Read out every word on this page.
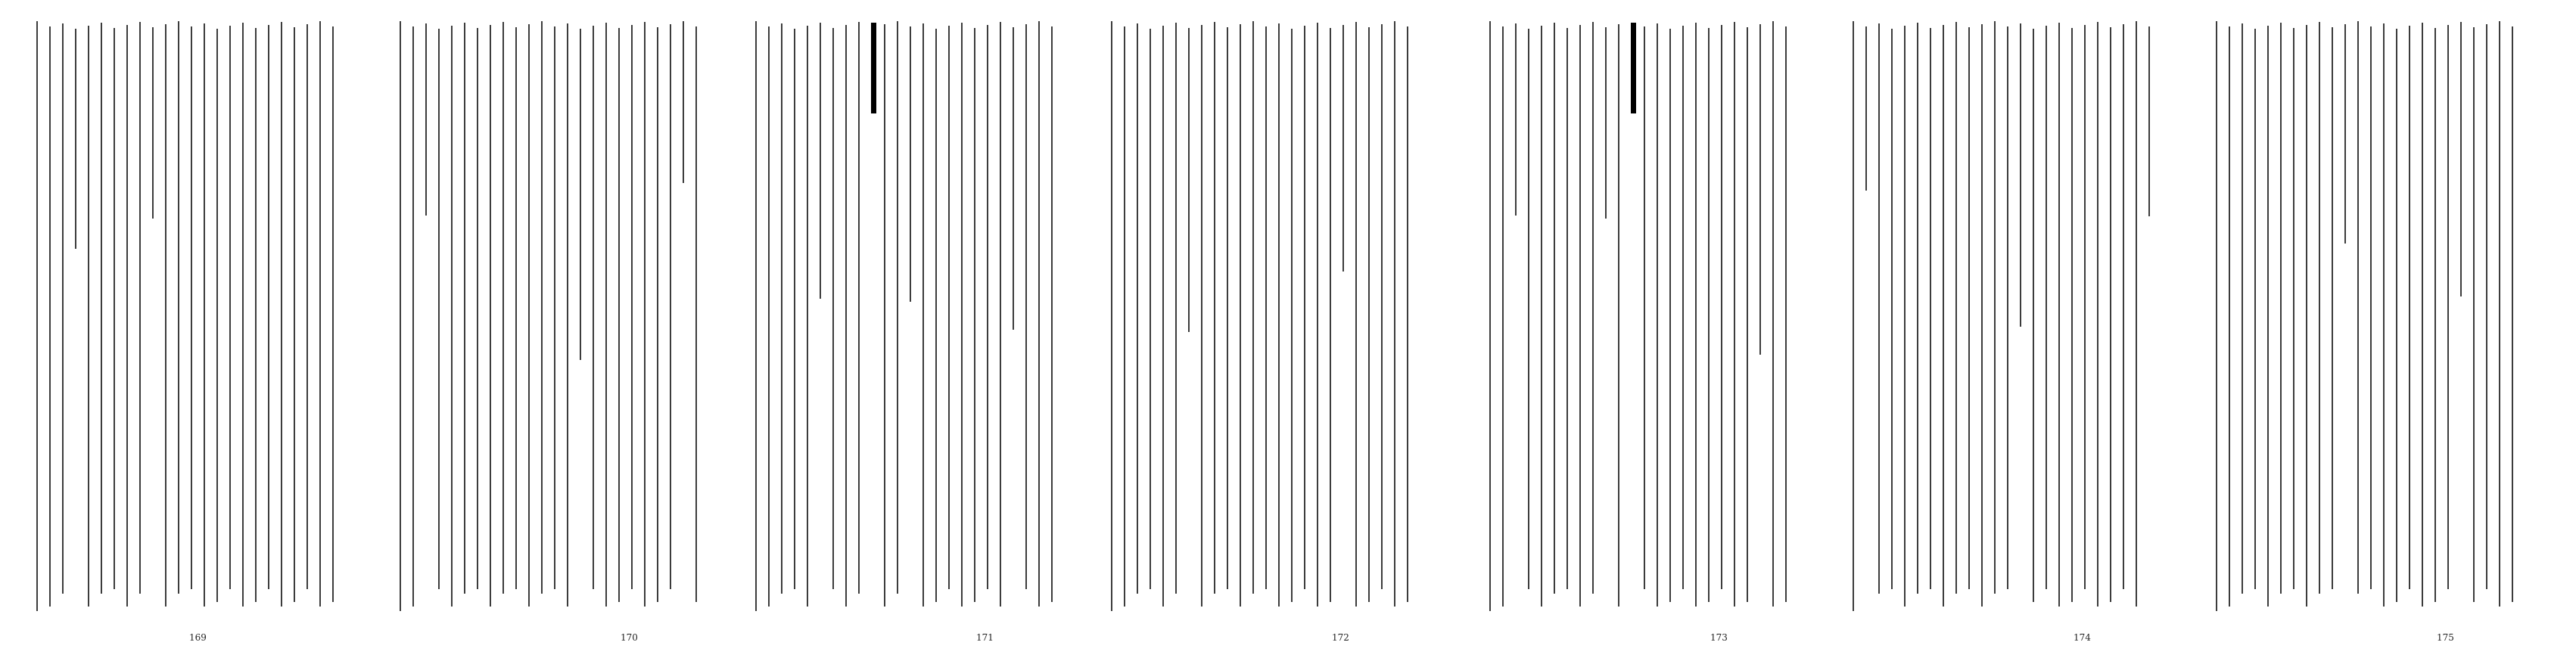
169	170	171	172	173	174	175
